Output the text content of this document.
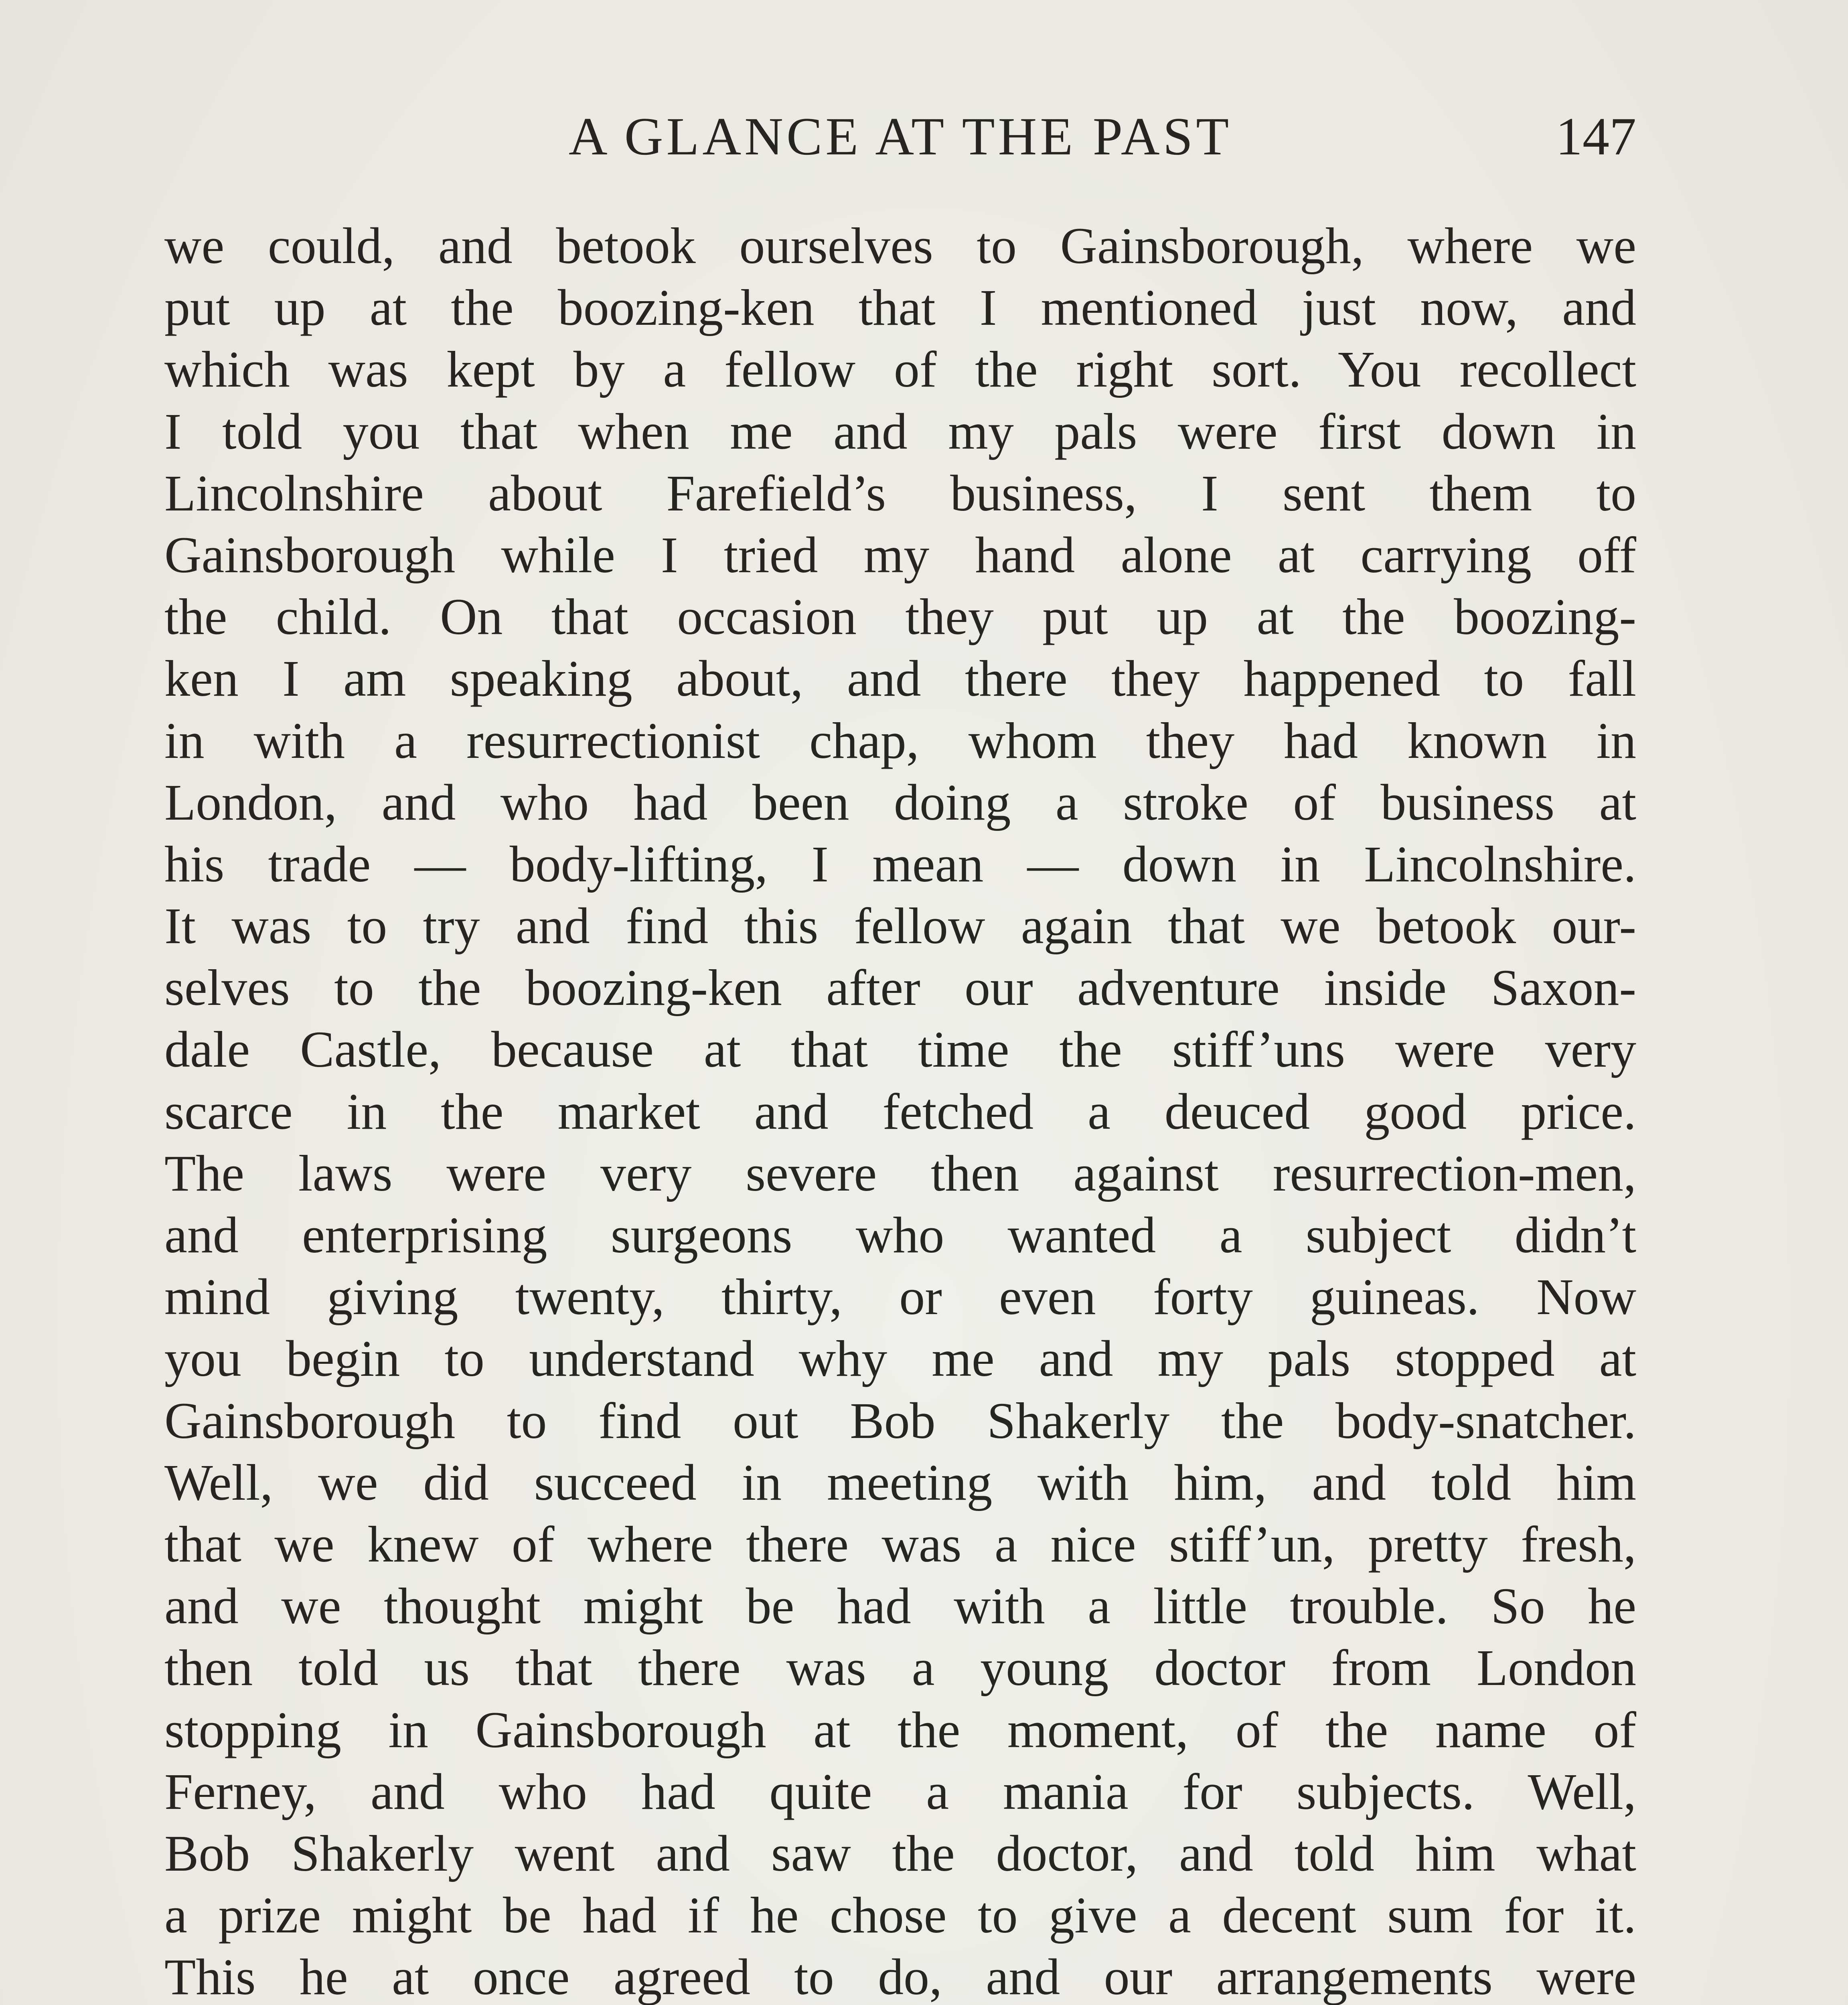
A GLANCE AT THE PAST	147
we could, and betook ourselves to Gainsborough, where we
put up at the boozing-ken that I mentioned just now, and
which was kept by a fellow of the right sort. You recollect
I told you that when me and my pals were first down in
Lincolnshire about Farefield’s business, I sent them to
Gainsborough while I tried my hand alone at carrying off
the child. On that occasion they put up at the boozing-
ken I am speaking about, and there they happened to fall
in with a resurrectionist chap, whom they had known in
London, and who had been doing a stroke of business at
his trade — body-lifting, I mean — down in Lincolnshire.
It was to try and find this fellow again that we betook our-
selves to the boozing-ken after our adventure inside Saxon-
dale Castle, because at that time the stiff’uns were very
scarce in the market and fetched a deuced good price.
The laws were very severe then against resurrection-men,
and enterprising surgeons who wanted a subject didn’t
mind giving twenty, thirty, or even forty guineas. Now
you begin to understand why me and my pals stopped at
Gainsborough to find out Bob Shakerly the body-snatcher.
Well, we did succeed in meeting with him, and told him
that we knew of where there was a nice stiff’un, pretty fresh,
and we thought might be had with a little trouble. So he
then told us that there was a young doctor from London
stopping in Gainsborough at the moment, of the name of
Ferney, and who had quite a mania for subjects. Well,
Bob Shakerly went and saw the doctor, and told him what
a prize might be had if he chose to give a decent sum for it.
This he at once agreed to do, and our arrangements were
